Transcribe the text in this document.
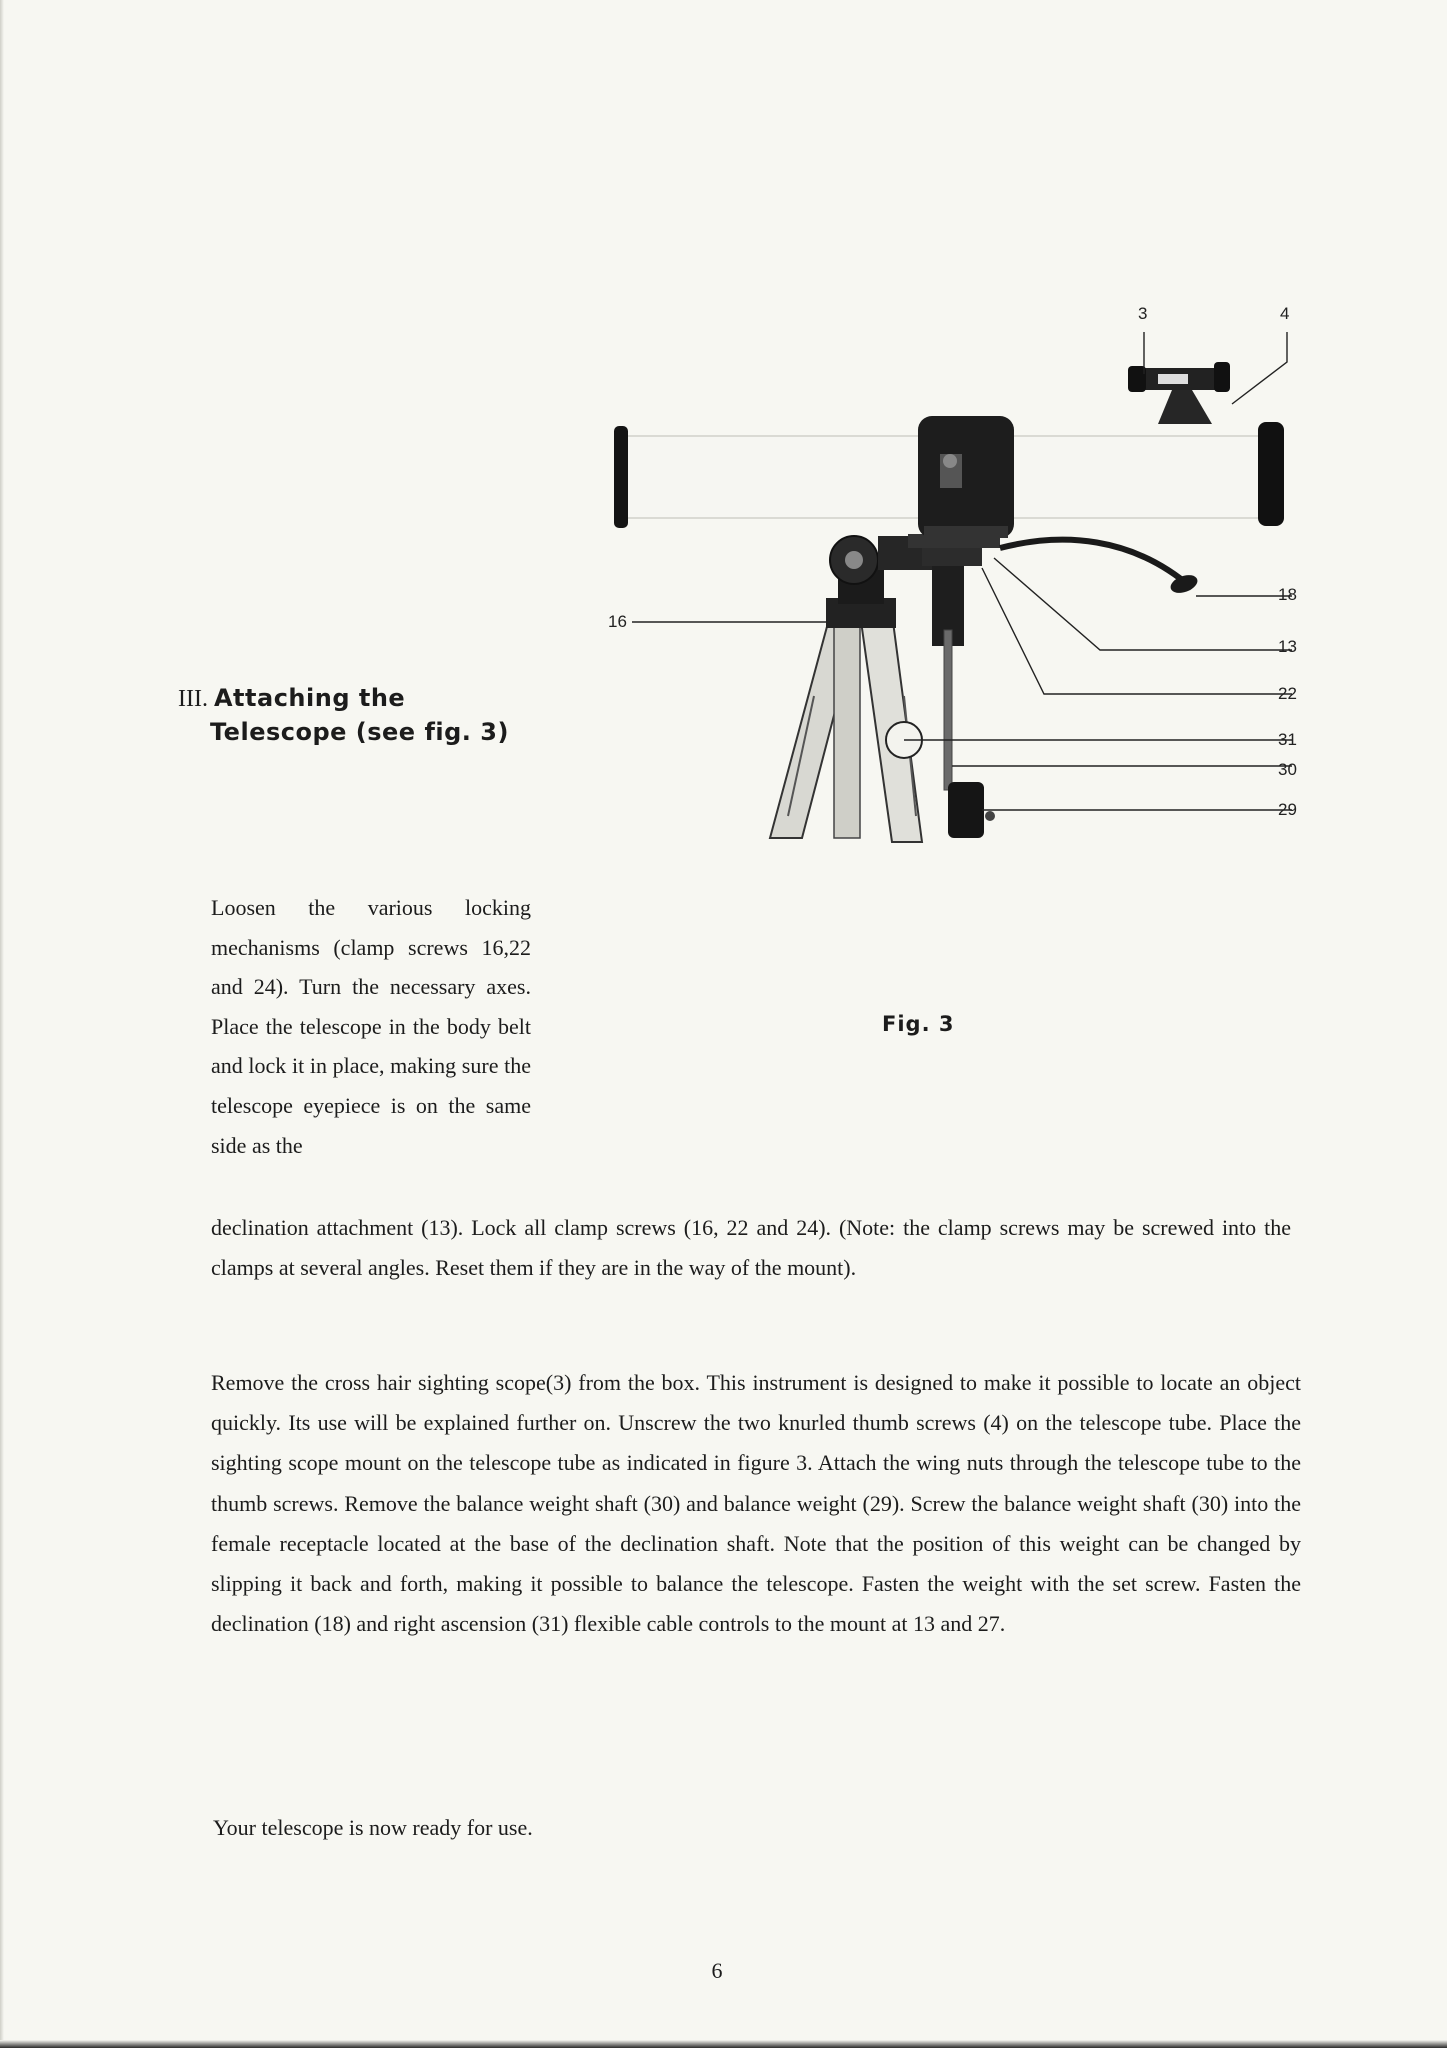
III. Attaching the
Telescope (see fig. 3)
3	4
16
18
13
22
31
30
29
Fig. 3

Loosen the various locking mechanisms (clamp screws 16,22 and 24). Turn the necessary axes. Place the telescope in the body belt and lock it in place, making sure the telescope eyepiece is on the same side as the

declination attachment (13). Lock all clamp screws (16, 22 and 24). (Note: the clamp screws may be screwed into the clamps at several angles. Reset them if they are in the way of the mount).

Remove the cross hair sighting scope(3) from the box. This instrument is designed to make it possible to locate an object quickly. Its use will be explained further on. Unscrew the two knurled thumb screws (4) on the telescope tube. Place the sighting scope mount on the telescope tube as indicated in figure 3. Attach the wing nuts through the telescope tube to the thumb screws. Remove the balance weight shaft (30) and balance weight (29). Screw the balance weight shaft (30) into the female receptacle located at the base of the declination shaft. Note that the position of this weight can be changed by slipping it back and forth, making it possible to balance the telescope. Fasten the weight with the set screw. Fasten the declination (18) and right ascension (31) flexible cable controls to the mount at 13 and 27.

Your telescope is now ready for use.

6
